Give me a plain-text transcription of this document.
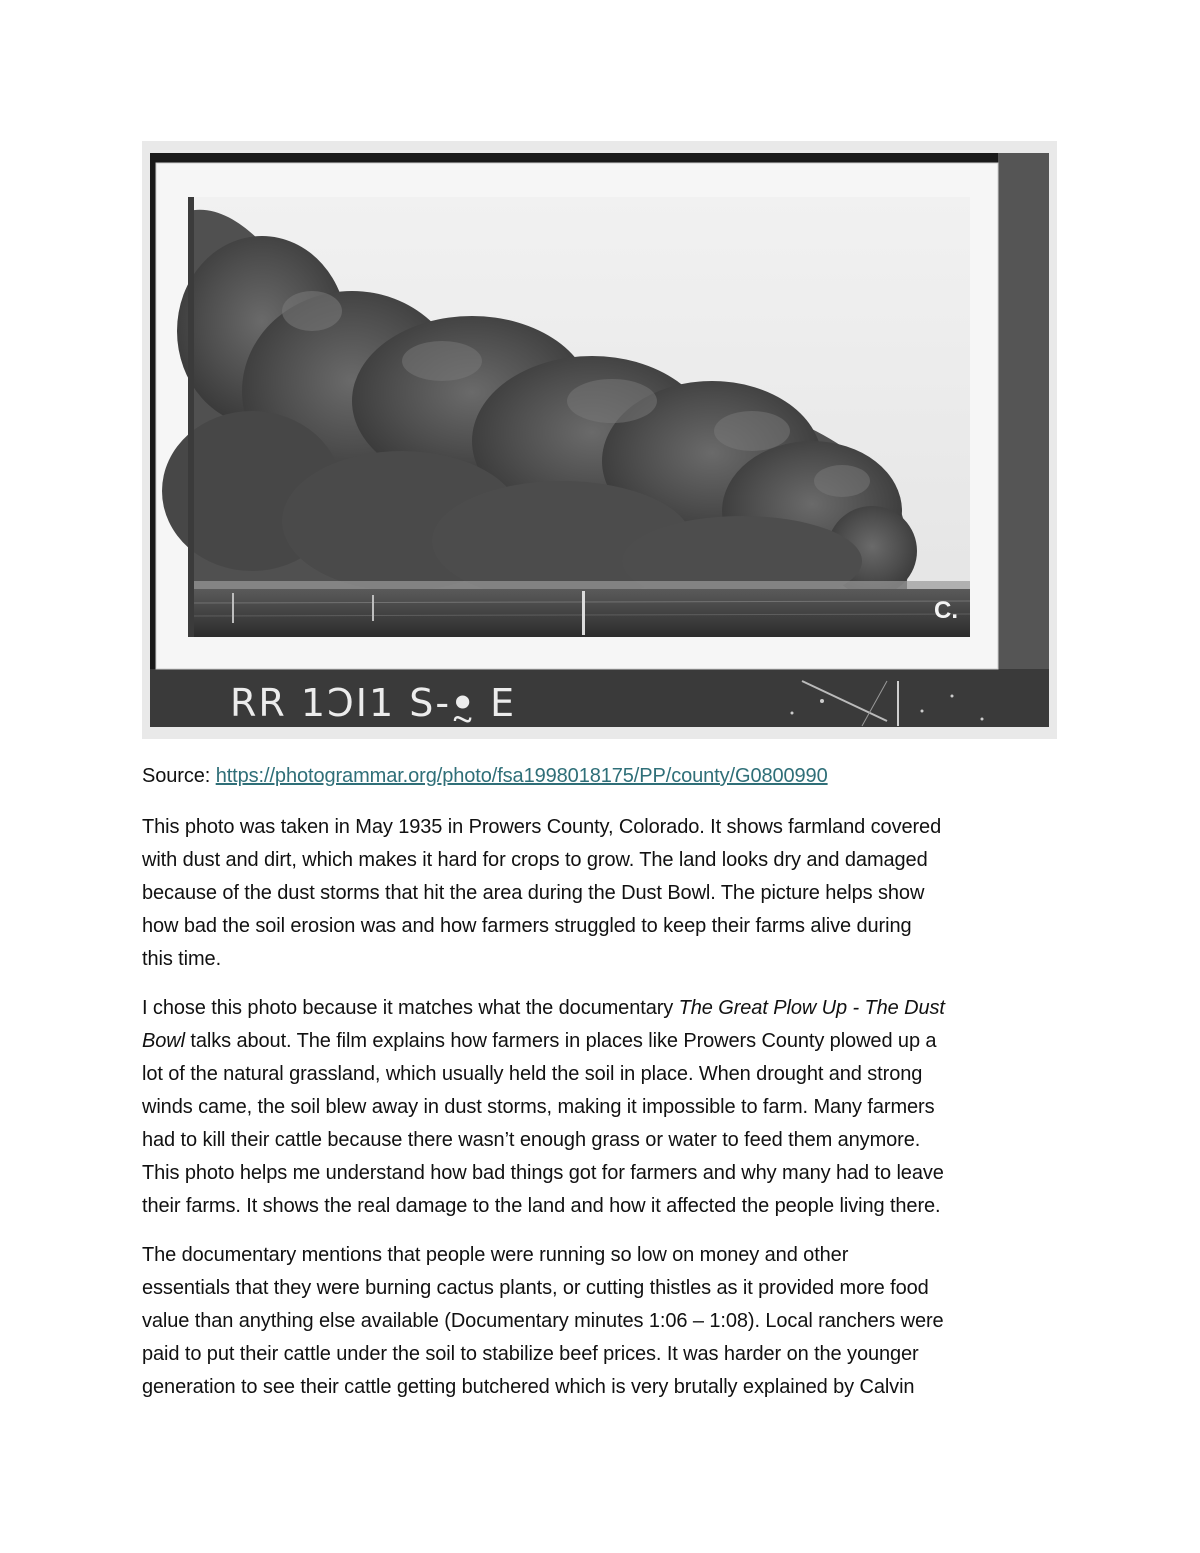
C.
RR 1ϽI1 S-ꔸ E
Source: https://photogrammar.org/photo/fsa1998018175/PP/county/G0800990

This photo was taken in May 1935 in Prowers County, Colorado. It shows farmland covered
with dust and dirt, which makes it hard for crops to grow. The land looks dry and damaged
because of the dust storms that hit the area during the Dust Bowl. The picture helps show
how bad the soil erosion was and how farmers struggled to keep their farms alive during
this time.

I chose this photo because it matches what the documentary The Great Plow Up - The Dust
Bowl talks about. The film explains how farmers in places like Prowers County plowed up a
lot of the natural grassland, which usually held the soil in place. When drought and strong
winds came, the soil blew away in dust storms, making it impossible to farm. Many farmers
had to kill their cattle because there wasn’t enough grass or water to feed them anymore.
This photo helps me understand how bad things got for farmers and why many had to leave
their farms. It shows the real damage to the land and how it affected the people living there.

The documentary mentions that people were running so low on money and other
essentials that they were burning cactus plants, or cutting thistles as it provided more food
value than anything else available (Documentary minutes 1:06 – 1:08). Local ranchers were
paid to put their cattle under the soil to stabilize beef prices. It was harder on the younger
generation to see their cattle getting butchered which is very brutally explained by Calvin
